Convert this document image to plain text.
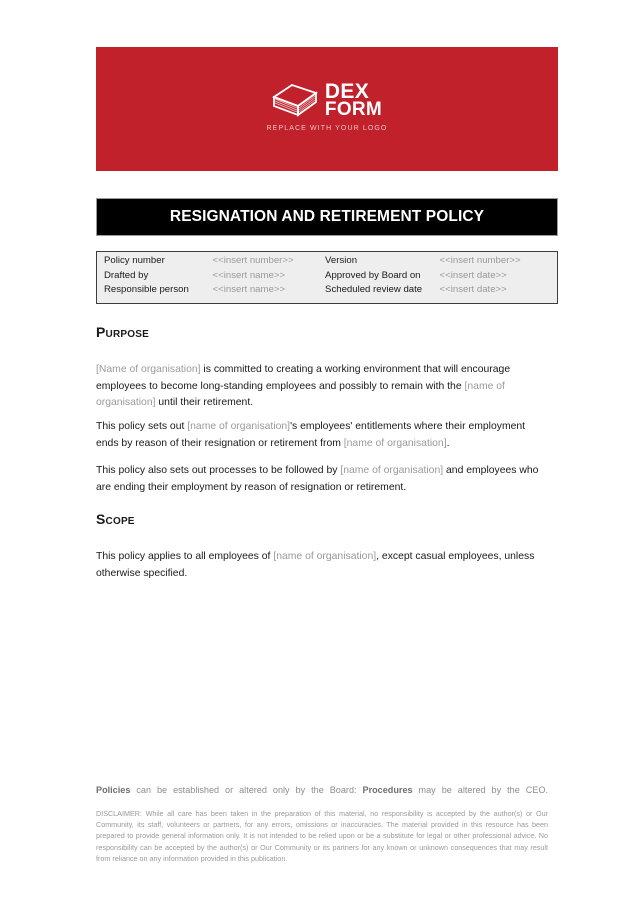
DEX
FORM
REPLACE WITH YOUR LOGO
RESIGNATION AND RETIREMENT POLICY
Policy number	<<insert number>>	Version	<<insert number>>
Drafted by	<<insert name>>	Approved by Board on	<<insert date>>
Responsible person	<<insert name>>	Scheduled review date	<<insert date>>
Purpose

[Name of organisation] is committed to creating a working environment that will encourage employees to become long-standing employees and possibly to remain with the [name of organisation] until their retirement.

This policy sets out [name of organisation]'s employees' entitlements where their employment ends by reason of their resignation or retirement from [name of organisation].

This policy also sets out processes to be followed by [name of organisation] and employees who are ending their employment by reason of resignation or retirement.

Scope

This policy applies to all employees of [name of organisation], except casual employees, unless otherwise specified.

Policies can be established or altered only by the Board: Procedures may be altered by the CEO.
DISCLAIMER: While all care has been taken in the preparation of this material, no responsibility is accepted by the author(s) or Our Community, its staff, volunteers or partners, for any errors, omissions or inaccuracies. The material provided in this resource has been prepared to provide general information only. It is not intended to be relied upon or be a substitute for legal or other professional advice. No responsibility can be accepted by the author(s) or Our Community or its partners for any known or unknown consequences that may result from reliance on any information provided in this publication.
